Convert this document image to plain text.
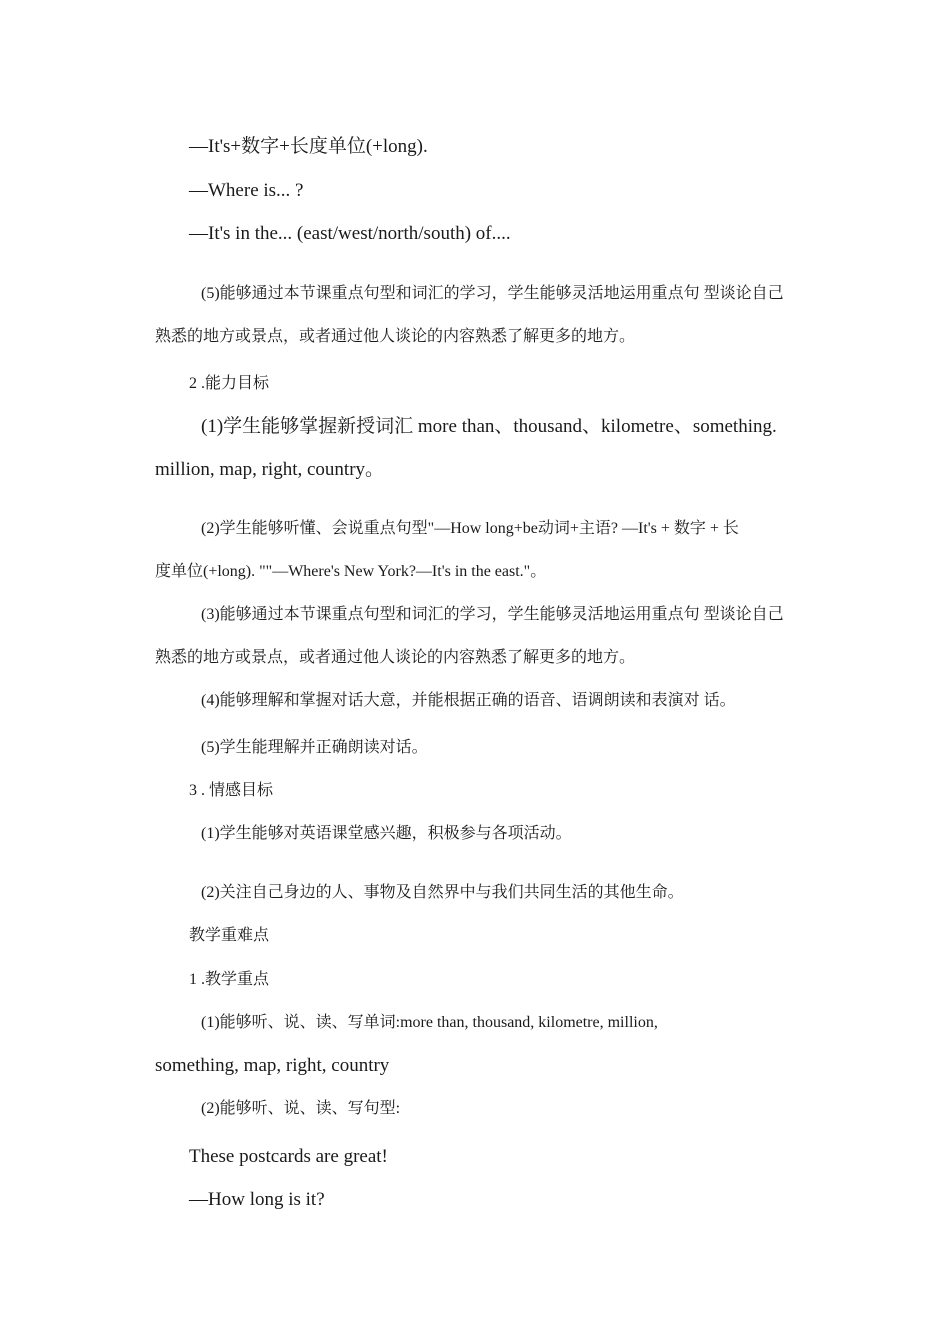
—It's+数字+长度单位(+long).
—Where is... ?
—It's in the... (east/west/north/south) of....
(5)能够通过本节课重点句型和词汇的学习，学生能够灵活地运用重点句 型谈论自己
熟悉的地方或景点，或者通过他人谈论的内容熟悉了解更多的地方。
2 .能力目标
(1)学生能够掌握新授词汇 more than、thousand、kilometre、something.
million, map, right, country。
(2)学生能够听懂、会说重点句型"—How long+be动词+主语? —It's + 数字 + 长
度单位(+long). ""—Where's New York?—It's in the east."。
(3)能够通过本节课重点句型和词汇的学习，学生能够灵活地运用重点句 型谈论自己
熟悉的地方或景点，或者通过他人谈论的内容熟悉了解更多的地方。
(4)能够理解和掌握对话大意，并能根据正确的语音、语调朗读和表演对 话。
(5)学生能理解并正确朗读对话。
3 . 情感目标
(1)学生能够对英语课堂感兴趣，积极参与各项活动。
(2)关注自己身边的人、事物及自然界中与我们共同生活的其他生命。
教学重难点
1 .教学重点
(1)能够听、说、读、写单词:more than, thousand, kilometre, million,
something, map, right, country
(2)能够听、说、读、写句型:
These postcards are great!
—How long is it?
